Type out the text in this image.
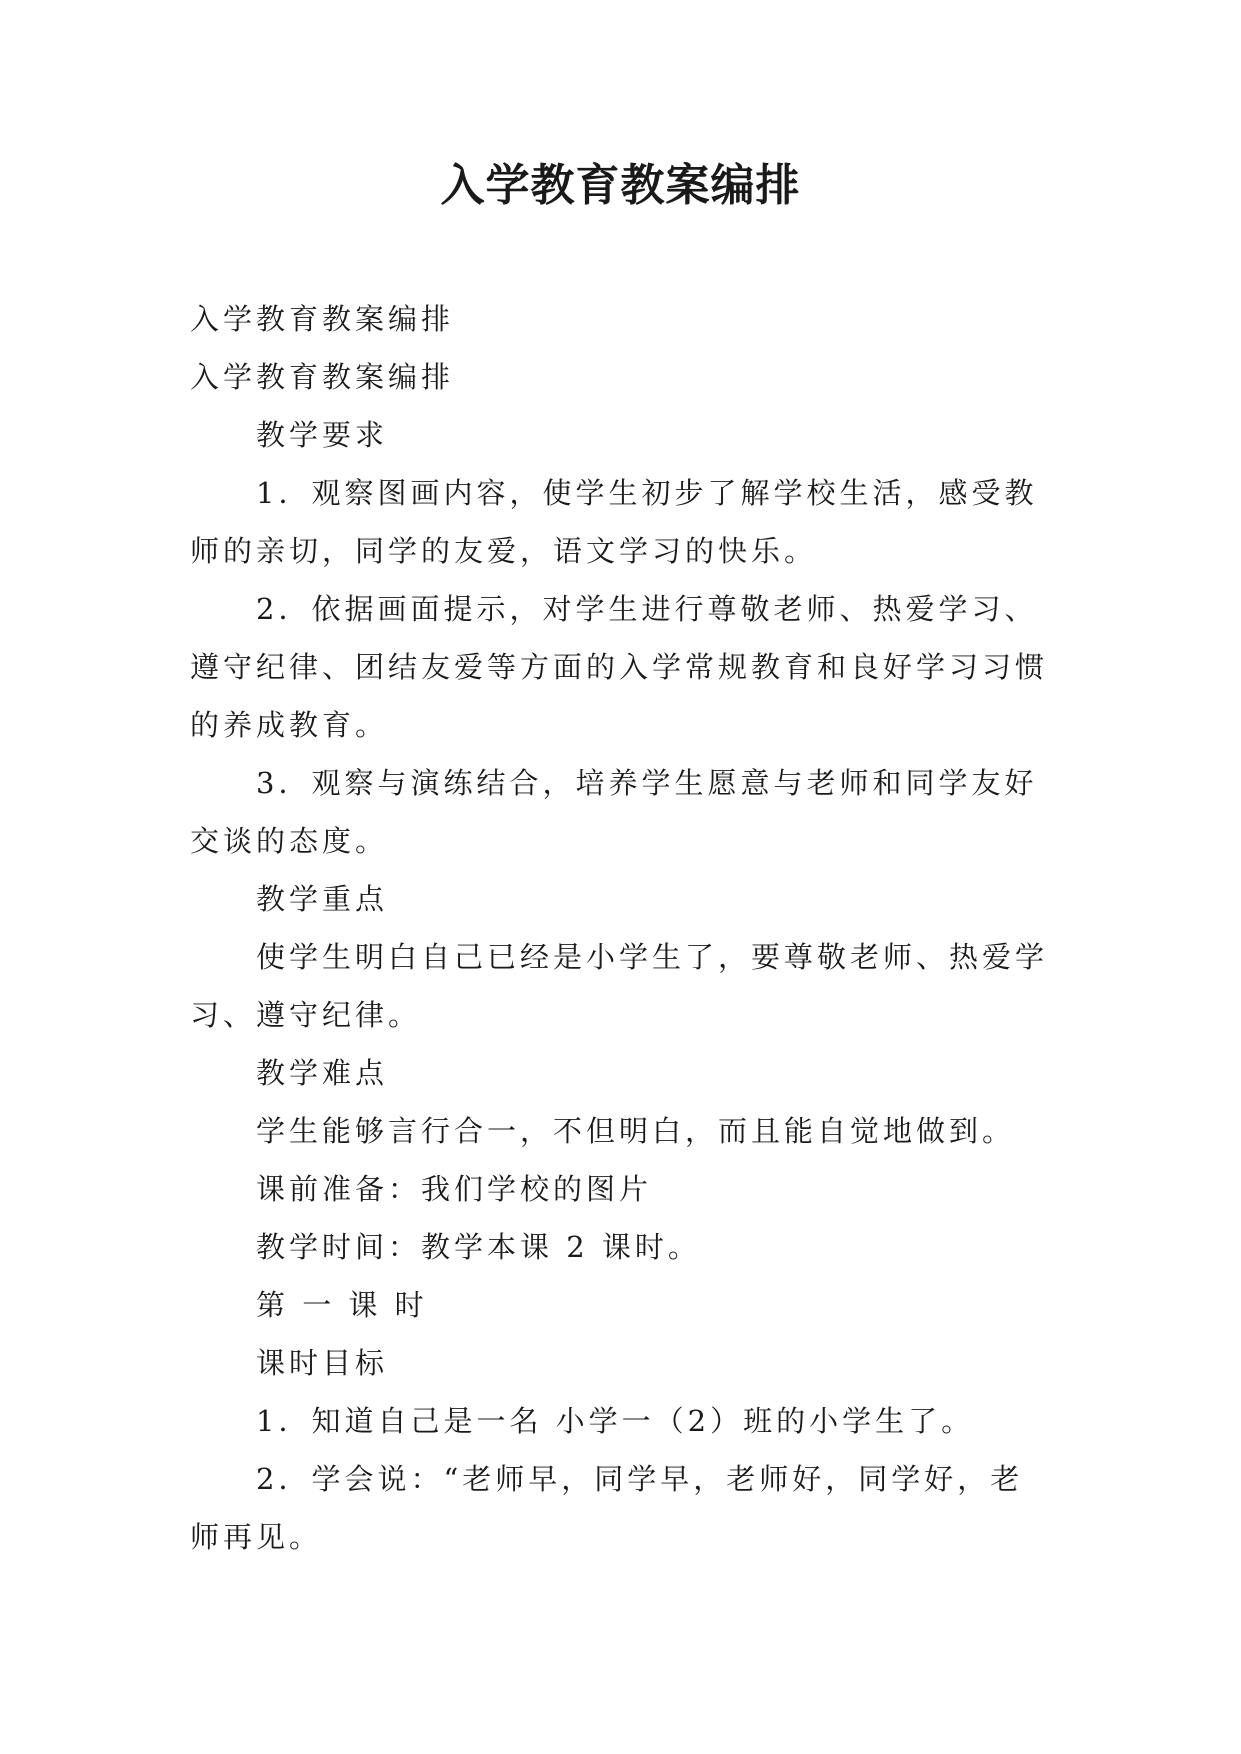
入学教育教案编排

入学教育教案编排

入学教育教案编排

教学要求

1．观察图画内容，使学生初步了解学校生活，感受教师的亲切，同学的友爱，语文学习的快乐。

2．依据画面提示，对学生进行尊敬老师、热爱学习、遵守纪律、团结友爱等方面的入学常规教育和良好学习习惯的养成教育。

3．观察与演练结合，培养学生愿意与老师和同学友好交谈的态度。

教学重点

使学生明白自己已经是小学生了，要尊敬老师、热爱学习、遵守纪律。

教学难点

学生能够言行合一，不但明白，而且能自觉地做到。

课前准备：我们学校的图片

教学时间：教学本课 2 课时。

第 一 课 时

课时目标

1．知道自己是一名 小学一（2）班的小学生了。

2．学会说：“老师早，同学早，老师好，同学好，老师再见。
